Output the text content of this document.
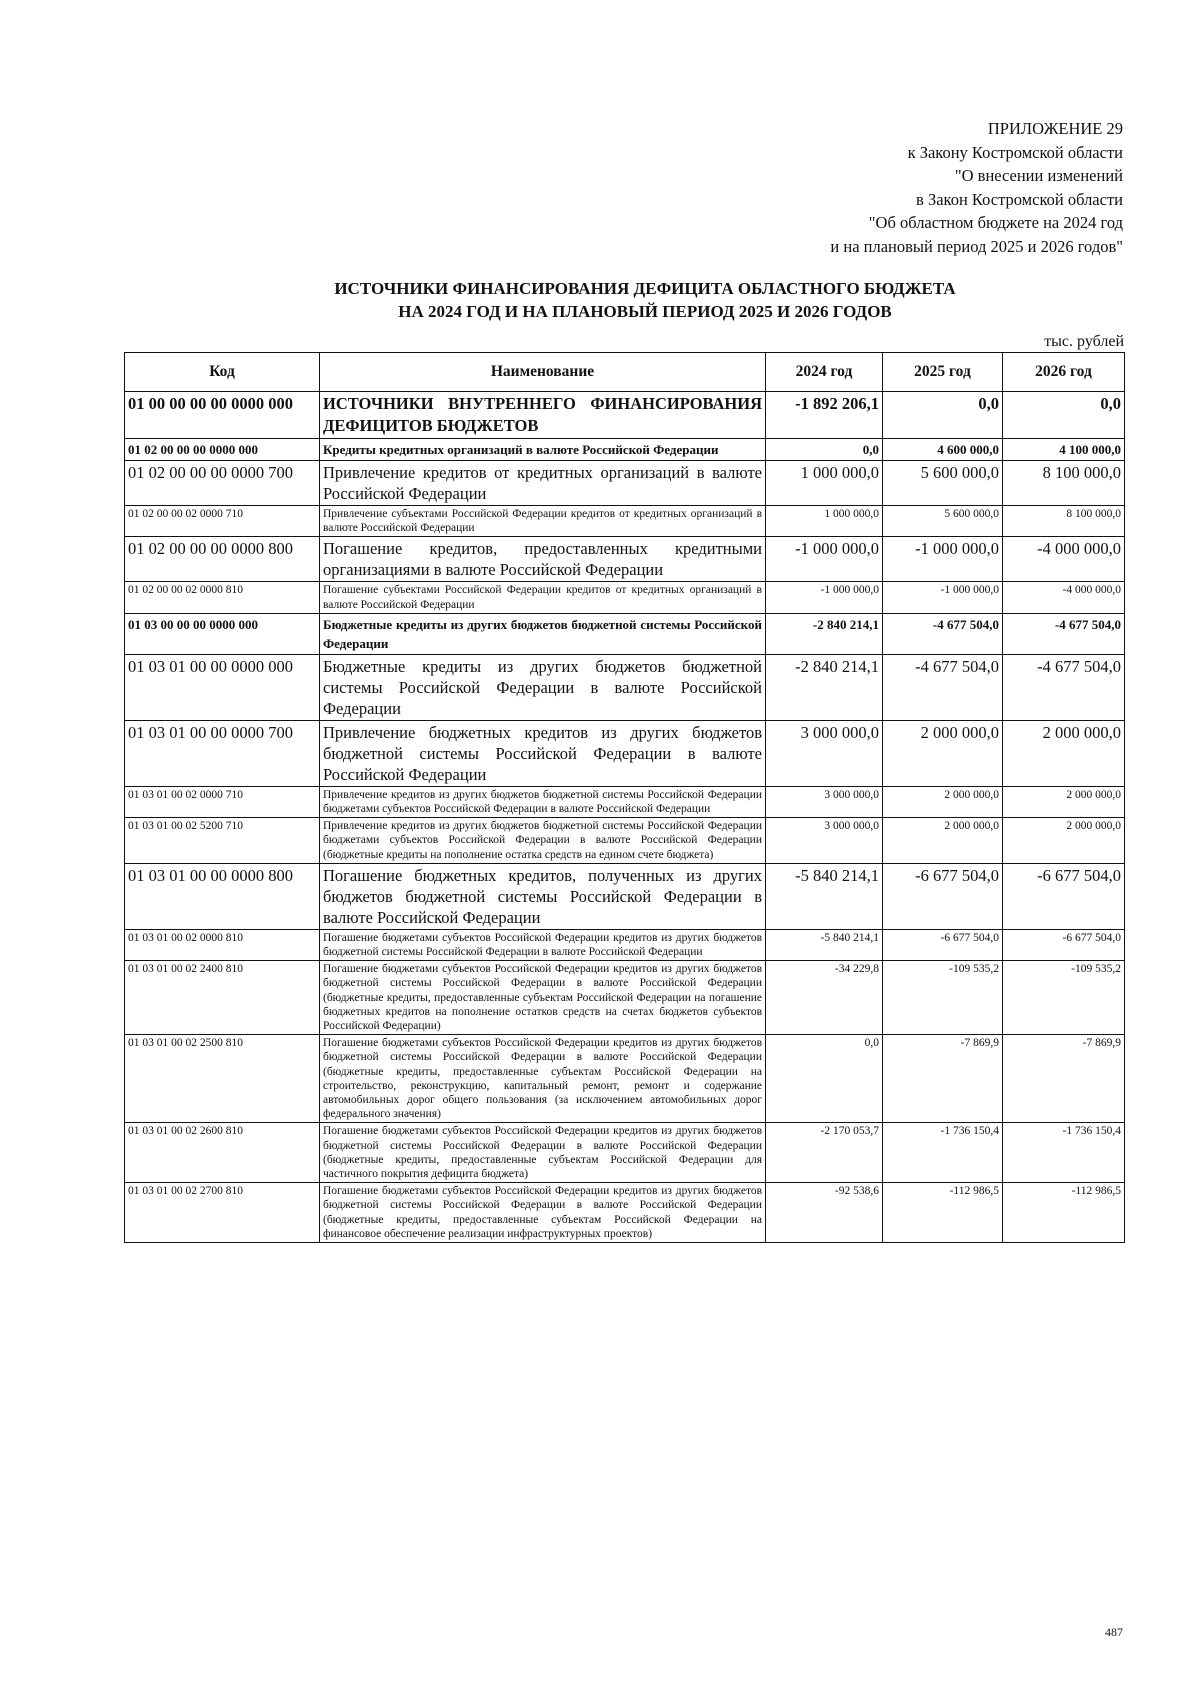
ПРИЛОЖЕНИЕ 29
к Закону Костромской области
"О внесении изменений
в Закон Костромской области
"Об областном бюджете на 2024 год
и на плановый период 2025 и 2026 годов"
ИСТОЧНИКИ ФИНАНСИРОВАНИЯ ДЕФИЦИТА ОБЛАСТНОГО БЮДЖЕТА
НА 2024 ГОД И НА ПЛАНОВЫЙ ПЕРИОД 2025 И 2026 ГОДОВ
тыс. рублей
Код	Наименование	2024 год	2025 год	2026 год
01 00 00 00 00 0000 000	ИСТОЧНИКИ ВНУТРЕННЕГО ФИНАНСИРОВАНИЯ ДЕФИЦИТОВ БЮДЖЕТОВ	-1 892 206,1	0,0	0,0
01 02 00 00 00 0000 000	Кредиты кредитных организаций в валюте Российской Федерации	0,0	4 600 000,0	4 100 000,0
01 02 00 00 00 0000 700	Привлечение кредитов от кредитных организаций в валюте Российской Федерации	1 000 000,0	5 600 000,0	8 100 000,0
01 02 00 00 02 0000 710	Привлечение субъектами Российской Федерации кредитов от кредитных организаций в валюте Российской Федерации	1 000 000,0	5 600 000,0	8 100 000,0
01 02 00 00 00 0000 800	Погашение кредитов, предоставленных кредитными организациями в валюте Российской Федерации	-1 000 000,0	-1 000 000,0	-4 000 000,0
01 02 00 00 02 0000 810	Погашение субъектами Российской Федерации кредитов от кредитных организаций в валюте Российской Федерации	-1 000 000,0	-1 000 000,0	-4 000 000,0
01 03 00 00 00 0000 000	Бюджетные кредиты из других бюджетов бюджетной системы Российской Федерации	-2 840 214,1	-4 677 504,0	-4 677 504,0
01 03 01 00 00 0000 000	Бюджетные кредиты из других бюджетов бюджетной системы Российской Федерации в валюте Российской Федерации	-2 840 214,1	-4 677 504,0	-4 677 504,0
01 03 01 00 00 0000 700	Привлечение бюджетных кредитов из других бюджетов бюджетной системы Российской Федерации в валюте Российской Федерации	3 000 000,0	2 000 000,0	2 000 000,0
01 03 01 00 02 0000 710	Привлечение кредитов из других бюджетов бюджетной системы Российской Федерации бюджетами субъектов Российской Федерации в валюте Российской Федерации	3 000 000,0	2 000 000,0	2 000 000,0
01 03 01 00 02 5200 710	Привлечение кредитов из других бюджетов бюджетной системы Российской Федерации бюджетами субъектов Российской Федерации в валюте Российской Федерации (бюджетные кредиты на пополнение остатка средств на едином счете бюджета)	3 000 000,0	2 000 000,0	2 000 000,0
01 03 01 00 00 0000 800	Погашение бюджетных кредитов, полученных из других бюджетов бюджетной системы Российской Федерации в валюте Российской Федерации	-5 840 214,1	-6 677 504,0	-6 677 504,0
01 03 01 00 02 0000 810	Погашение бюджетами субъектов Российской Федерации кредитов из других бюджетов бюджетной системы Российской Федерации в валюте Российской Федерации	-5 840 214,1	-6 677 504,0	-6 677 504,0
01 03 01 00 02 2400 810	Погашение бюджетами субъектов Российской Федерации кредитов из других бюджетов бюджетной системы Российской Федерации в валюте Российской Федерации (бюджетные кредиты, предоставленные субъектам Российской Федерации на погашение бюджетных кредитов на пополнение остатков средств на счетах бюджетов субъектов Российской Федерации)	-34 229,8	-109 535,2	-109 535,2
01 03 01 00 02 2500 810	Погашение бюджетами субъектов Российской Федерации кредитов из других бюджетов бюджетной системы Российской Федерации в валюте Российской Федерации (бюджетные кредиты, предоставленные субъектам Российской Федерации на строительство, реконструкцию, капитальный ремонт, ремонт и содержание автомобильных дорог общего пользования (за исключением автомобильных дорог федерального значения)	0,0	-7 869,9	-7 869,9
01 03 01 00 02 2600 810	Погашение бюджетами субъектов Российской Федерации кредитов из других бюджетов бюджетной системы Российской Федерации в валюте Российской Федерации (бюджетные кредиты, предоставленные субъектам Российской Федерации для частичного покрытия дефицита бюджета)	-2 170 053,7	-1 736 150,4	-1 736 150,4
01 03 01 00 02 2700 810	Погашение бюджетами субъектов Российской Федерации кредитов из других бюджетов бюджетной системы Российской Федерации в валюте Российской Федерации (бюджетные кредиты, предоставленные субъектам Российской Федерации на финансовое обеспечение реализации инфраструктурных проектов)	-92 538,6	-112 986,5	-112 986,5
487
